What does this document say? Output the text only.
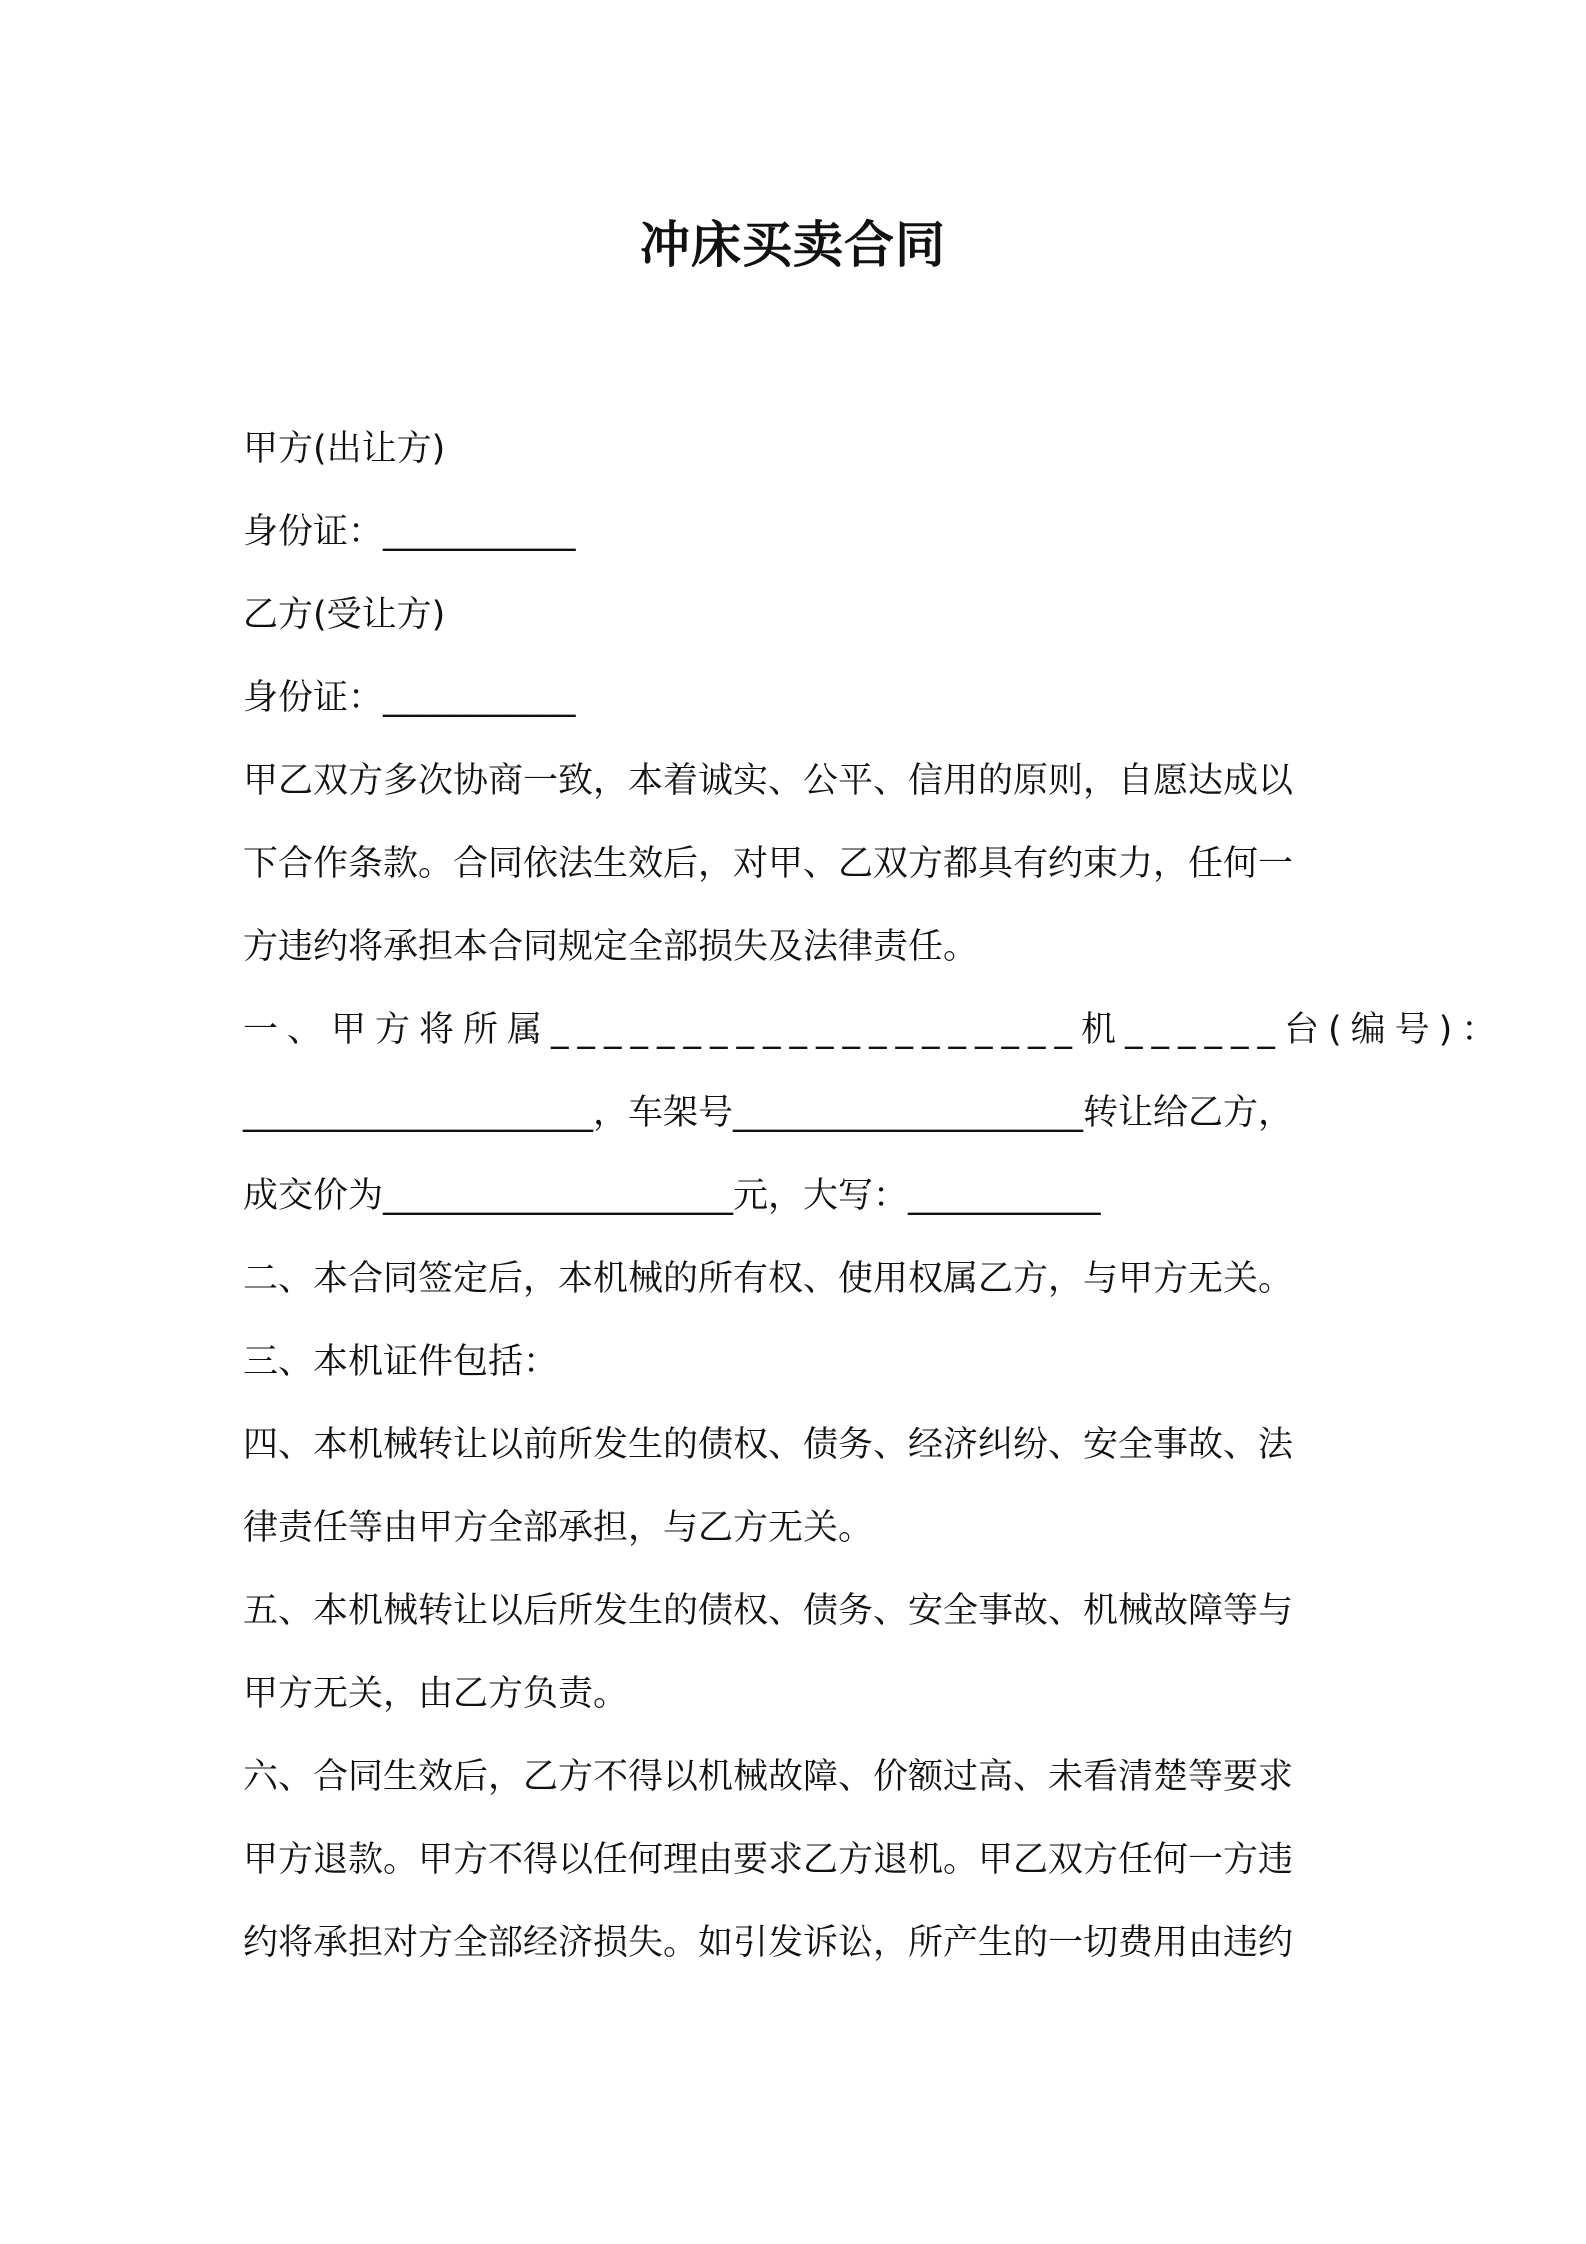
冲床买卖合同
甲方(出让方)
身份证：___________
乙方(受让方)
身份证：___________
甲乙双方多次协商一致，本着诚实、公平、信用的原则，自愿达成以
下合作条款。合同依法生效后，对甲、乙双方都具有约束力，任何一
方违约将承担本合同规定全部损失及法律责任。
一、甲方将所属____________________机______台(编号)：
____________________，车架号____________________转让给乙方，
成交价为____________________元，大写：___________
二、本合同签定后，本机械的所有权、使用权属乙方，与甲方无关。
三、本机证件包括：
四、本机械转让以前所发生的债权、债务、经济纠纷、安全事故、法
律责任等由甲方全部承担，与乙方无关。
五、本机械转让以后所发生的债权、债务、安全事故、机械故障等与
甲方无关，由乙方负责。
六、合同生效后，乙方不得以机械故障、价额过高、未看清楚等要求
甲方退款。甲方不得以任何理由要求乙方退机。甲乙双方任何一方违
约将承担对方全部经济损失。如引发诉讼，所产生的一切费用由违约
